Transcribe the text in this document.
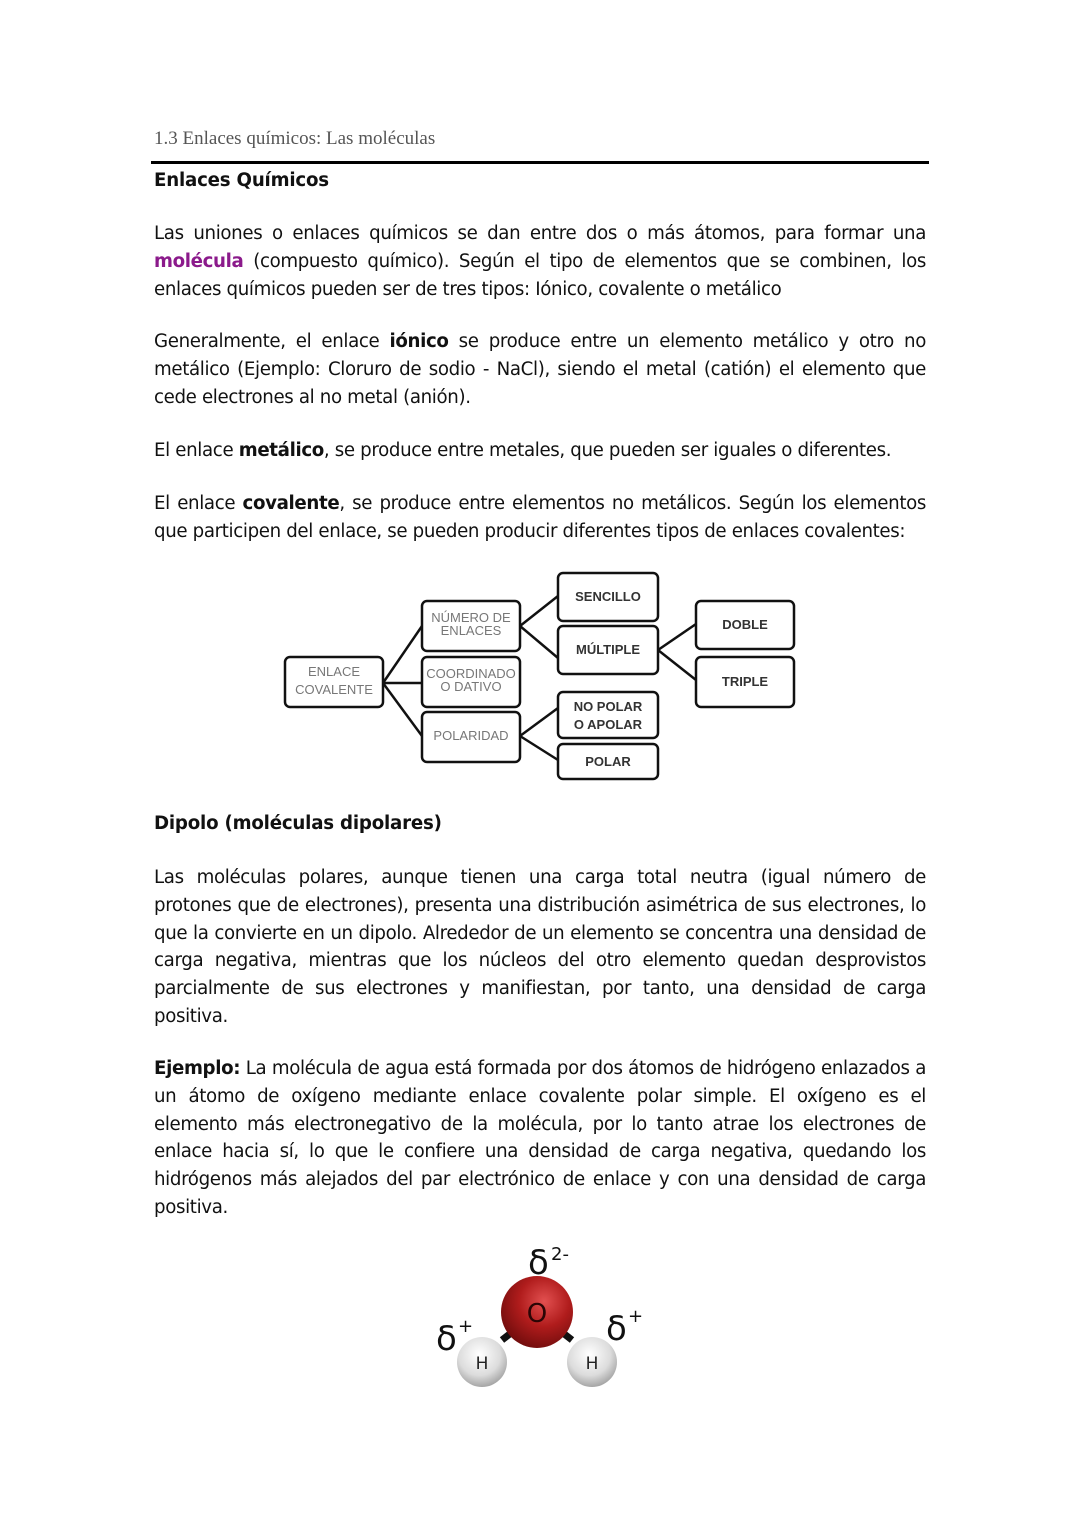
1.3 Enlaces químicos: Las moléculas
Enlaces Químicos
Las uniones o enlaces químicos se dan entre dos o más átomos, para formar una molécula (compuesto químico). Según el tipo de elementos que se combinen, los enlaces químicos pueden ser de tres tipos: Iónico, covalente o metálico
Generalmente, el enlace iónico se produce entre un elemento metálico y otro no metálico (Ejemplo: Cloruro de sodio - NaCl), siendo el metal (catión) el elemento que cede electrones al no metal (anión).
El enlace metálico, se produce entre metales, que pueden ser iguales o diferentes.
El enlace covalente, se produce entre elementos no metálicos. Según los elementos que participen del enlace, se pueden producir diferentes tipos de enlaces covalentes:
ENLACE
COVALENTE
NÚMERO DE
ENLACES
COORDINADO
O DATIVO
POLARIDAD
SENCILLO
MÚLTIPLE
NO POLAR
O APOLAR
POLAR
DOBLE
TRIPLE
Dipolo (moléculas dipolares)
Las moléculas polares, aunque tienen una carga total neutra (igual número de protones que de electrones), presenta una distribución asimétrica de sus electrones, lo que la convierte en un dipolo. Alrededor de un elemento se concentra una densidad de carga negativa, mientras que los núcleos del otro elemento quedan desprovistos parcialmente de sus electrones y manifiestan, por tanto, una densidad de carga positiva.
Ejemplo: La molécula de agua está formada por dos átomos de hidrógeno enlazados a un átomo de oxígeno mediante enlace covalente polar simple. El oxígeno es el elemento más electronegativo de la molécula, por lo tanto atrae los electrones de enlace hacia sí, lo que le confiere una densidad de carga negativa, quedando los hidrógenos más alejados del par electrónico de enlace y con una densidad de carga positiva.
O
H	H
δ 2-
δ +	δ +
